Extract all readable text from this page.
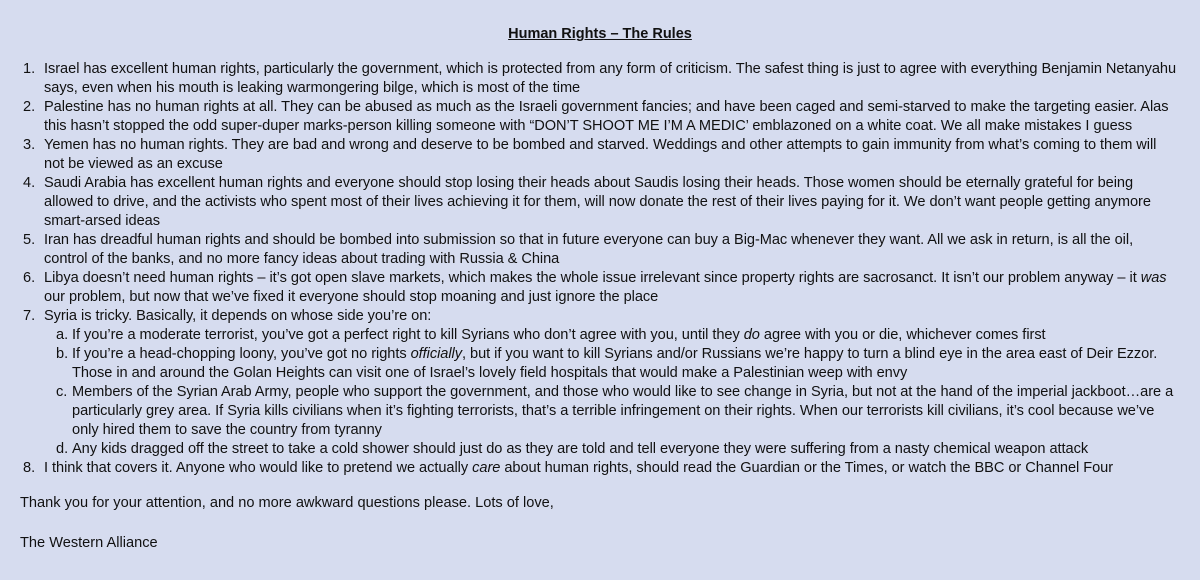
Human Rights – The Rules
1. Israel has excellent human rights, particularly the government, which is protected from any form of criticism. The safest thing is just to agree with everything Benjamin Netanyahu says, even when his mouth is leaking warmongering bilge, which is most of the time
2. Palestine has no human rights at all. They can be abused as much as the Israeli government fancies; and have been caged and semi-starved to make the targeting easier. Alas this hasn’t stopped the odd super-duper marks-person killing someone with “DON’T SHOOT ME I’M A MEDIC’ emblazoned on a white coat. We all make mistakes I guess
3. Yemen has no human rights. They are bad and wrong and deserve to be bombed and starved. Weddings and other attempts to gain immunity from what’s coming to them will not be viewed as an excuse
4. Saudi Arabia has excellent human rights and everyone should stop losing their heads about Saudis losing their heads. Those women should be eternally grateful for being allowed to drive, and the activists who spent most of their lives achieving it for them, will now donate the rest of their lives paying for it. We don’t want people getting anymore smart-arsed ideas
5. Iran has dreadful human rights and should be bombed into submission so that in future everyone can buy a Big-Mac whenever they want. All we ask in return, is all the oil, control of the banks, and no more fancy ideas about trading with Russia & China
6. Libya doesn’t need human rights – it’s got open slave markets, which makes the whole issue irrelevant since property rights are sacrosanct. It isn’t our problem anyway – it was our problem, but now that we’ve fixed it everyone should stop moaning and just ignore the place
7. Syria is tricky. Basically, it depends on whose side you’re on:
a. If you’re a moderate terrorist, you’ve got a perfect right to kill Syrians who don’t agree with you, until they do agree with you or die, whichever comes first
b. If you’re a head-chopping loony, you’ve got no rights officially, but if you want to kill Syrians and/or Russians we’re happy to turn a blind eye in the area east of Deir Ezzor. Those in and around the Golan Heights can visit one of Israel’s lovely field hospitals that would make a Palestinian weep with envy
c. Members of the Syrian Arab Army, people who support the government, and those who would like to see change in Syria, but not at the hand of the imperial jackboot…are a particularly grey area. If Syria kills civilians when it’s fighting terrorists, that’s a terrible infringement on their rights. When our terrorists kill civilians, it’s cool because we’ve only hired them to save the country from tyranny
d. Any kids dragged off the street to take a cold shower should just do as they are told and tell everyone they were suffering from a nasty chemical weapon attack
8. I think that covers it. Anyone who would like to pretend we actually care about human rights, should read the Guardian or the Times, or watch the BBC or Channel Four

Thank you for your attention, and no more awkward questions please. Lots of love,

The Western Alliance
